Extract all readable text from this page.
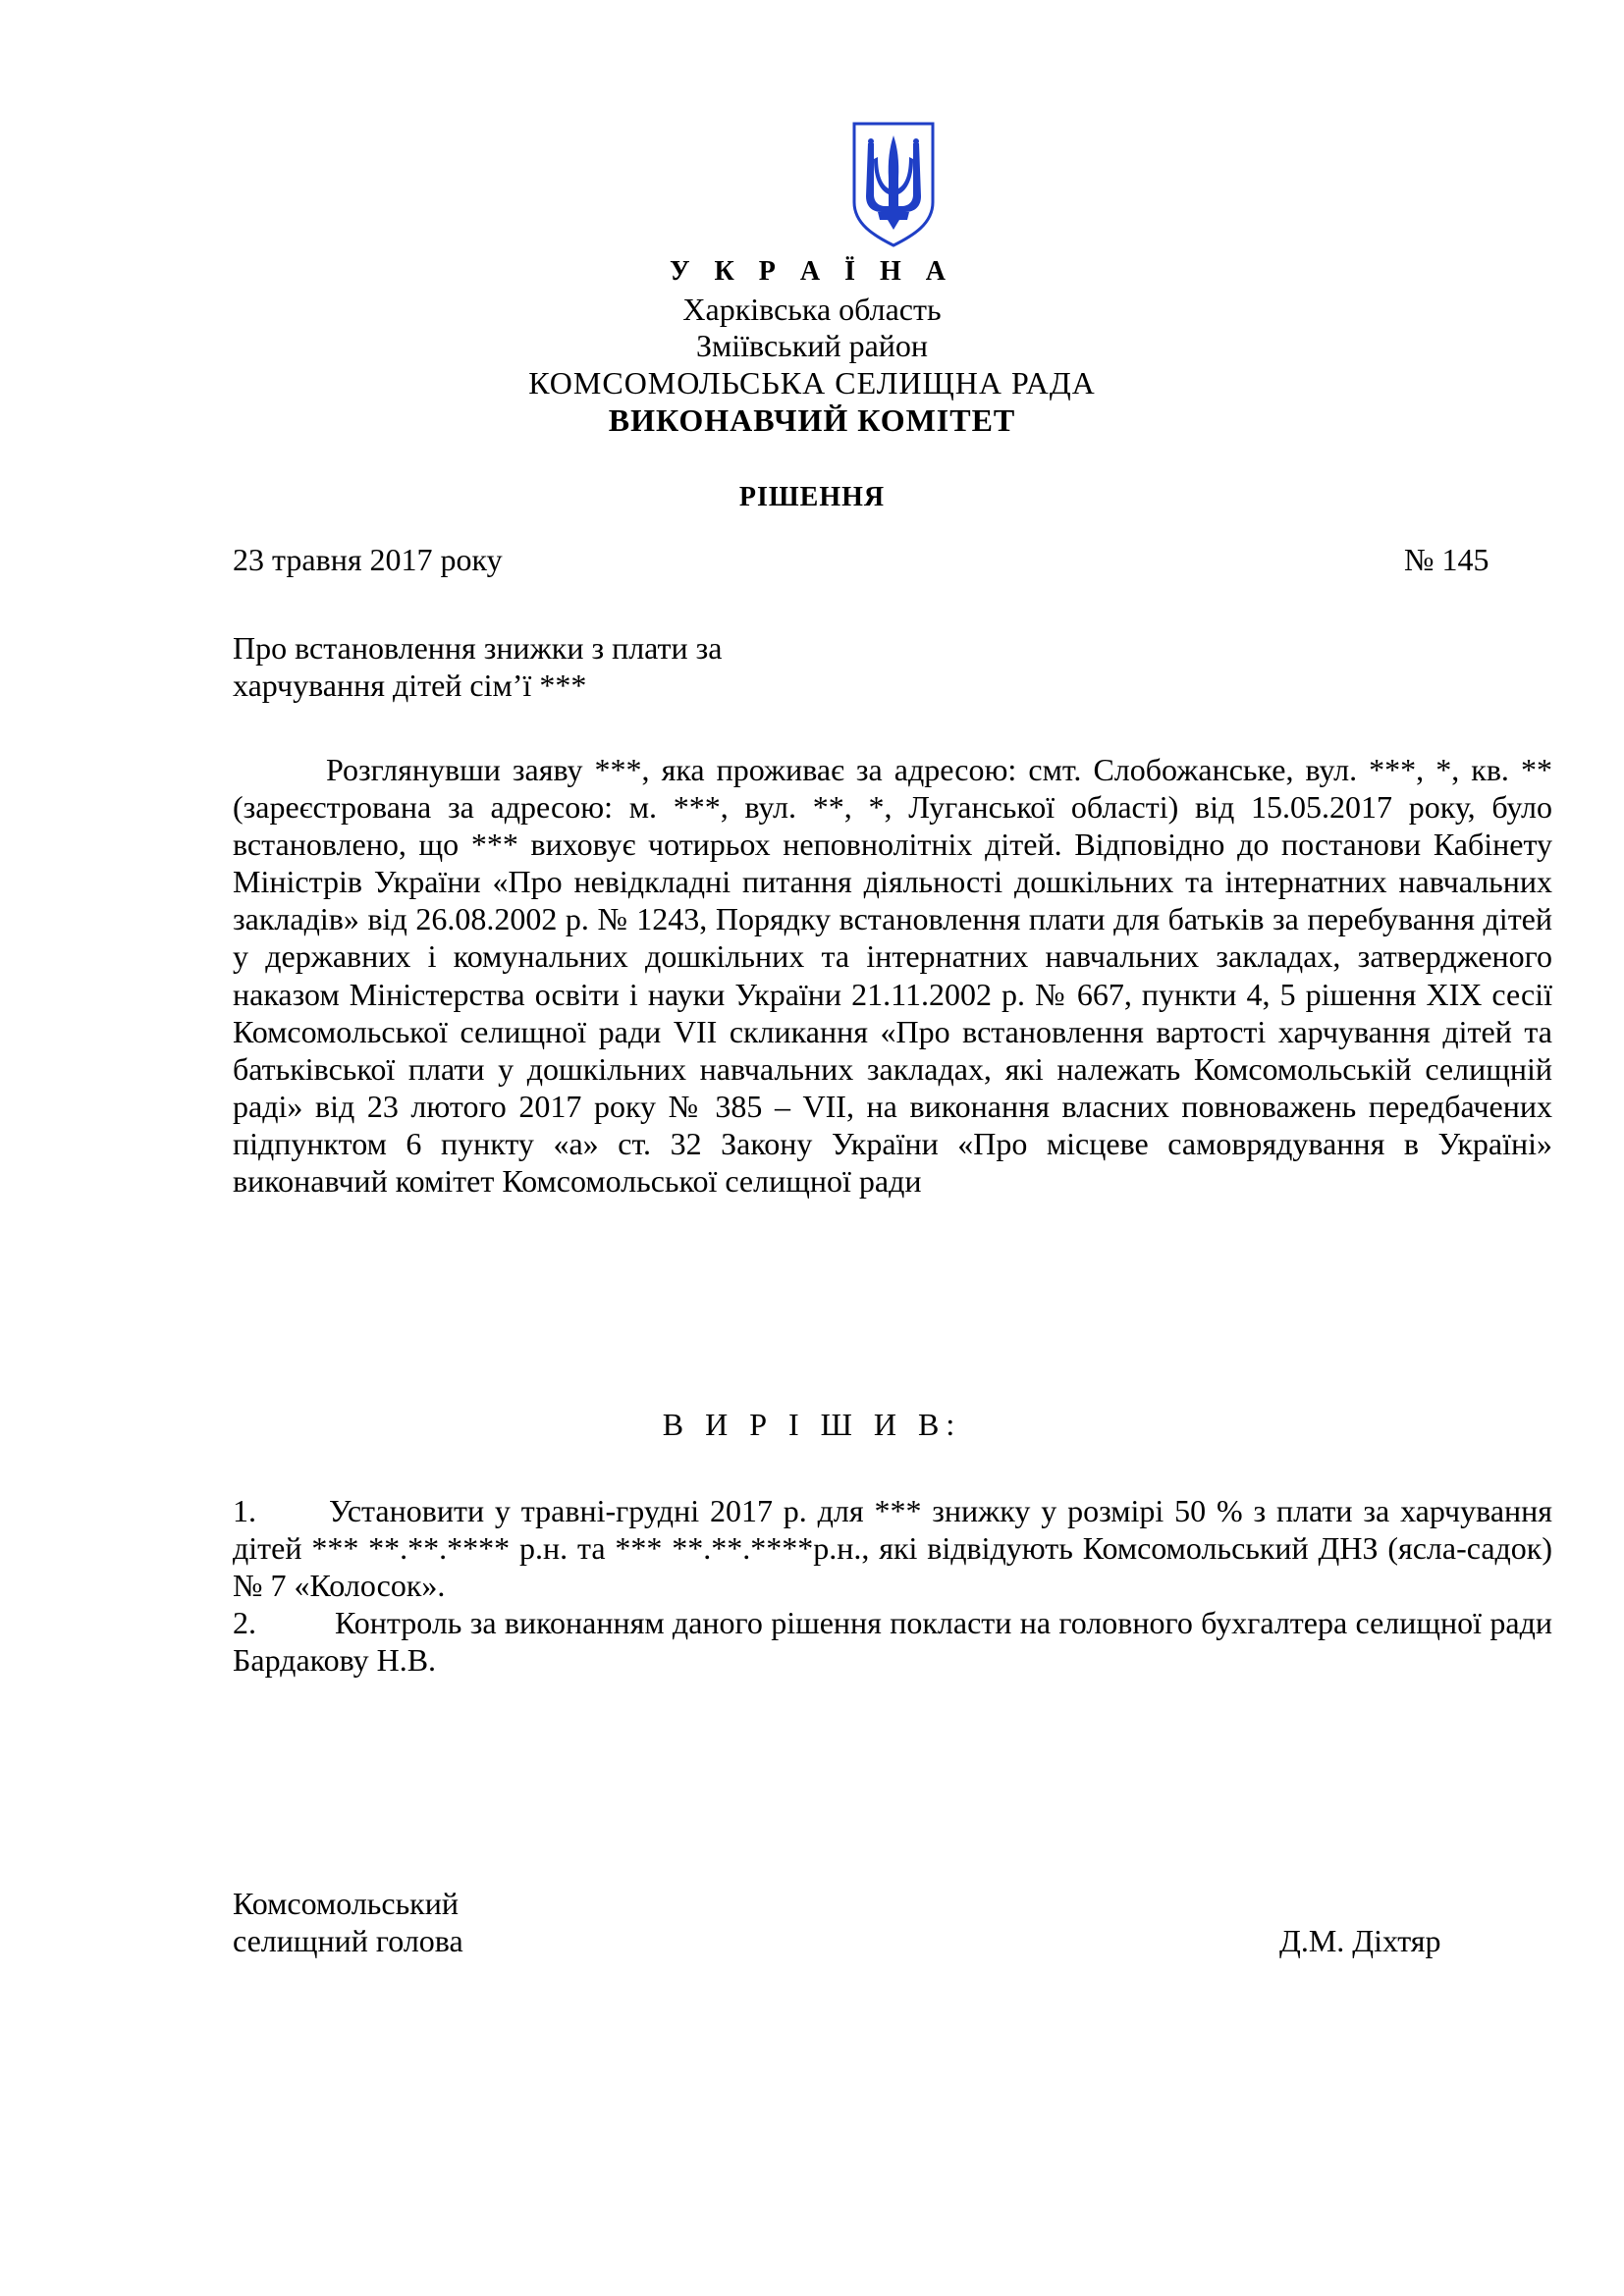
У К Р А Ї Н А
Харківська область
Зміївський район
КОМСОМОЛЬСЬКА СЕЛИЩНА РАДА
ВИКОНАВЧИЙ КОМІТЕТ
РІШЕННЯ
23 травня 2017 року	№ 145
Про встановлення знижки з плати за
харчування дітей сім’ї ***

Розглянувши заяву ***, яка проживає за адресою: смт. Слобожанське, вул. ***, *, кв. ** (зареєстрована за адресою: м. ***, вул. **, *, Луганської області) від 15.05.2017 року, було встановлено, що *** виховує чотирьох неповнолітніх дітей. Відповідно до постанови Кабінету Міністрів України «Про невідкладні питання діяльності дошкільних та інтернатних навчальних закладів» від 26.08.2002 р. № 1243, Порядку встановлення плати для батьків за перебування дітей у державних і комунальних дошкільних та інтернатних навчальних закладах, затвердженого наказом Міністерства освіти і науки України 21.11.2002 р. № 667, пункти 4, 5 рішення XIX сесії Комсомольської селищної ради VII скликання «Про встановлення вартості харчування дітей та батьківської плати у дошкільних навчальних закладах, які належать Комсомольській селищній раді» від 23 лютого 2017 року № 385 – VII, на виконання власних повноважень передбачених підпунктом 6 пункту «а» ст. 32 Закону України «Про місцеве самоврядування в Україні» виконавчий комітет Комсомольської селищної ради

В И Р І Ш И В:

1. Установити у травні-грудні 2017 р. для *** знижку у розмірі 50 % з плати за харчування дітей *** **.**.**** р.н. та *** **.**.****р.н., які відвідують Комсомольський ДНЗ (ясла-садок) № 7 «Колосок».

2.	Контроль за виконанням даного рішення покласти на головного бухгалтера селищної ради Бардакову Н.В.

Комсомольський
селищний голова	Д.М. Діхтяр
